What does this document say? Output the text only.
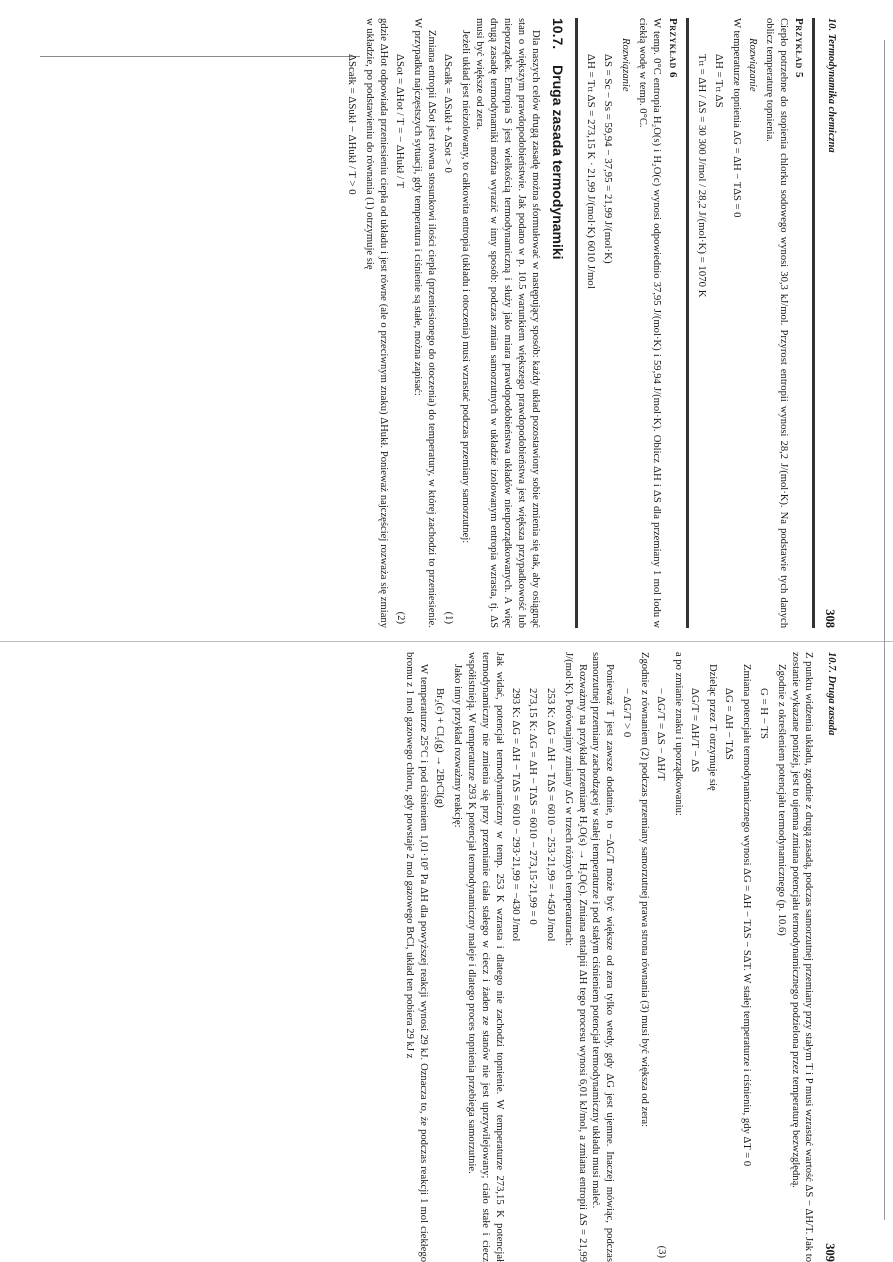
10. Termodynamika chemiczna
308
Przykład 5

Ciepło potrzebne do stopienia chlorku sodowego wynosi 30,3 kJ/mol. Przyrost entropii wynosi 28,2 J/(mol·K). Na podstawie tych danych oblicz temperaturę topnienia.

Rozwiązanie

W temperaturze topnienia ΔG = ΔH − TΔS = 0

ΔH = Tₜₜ ΔS
Tₜₜ = ΔH / ΔS = 30 300 J/mol / 28,2 J/(mol·K) = 1070 K
Przykład 6

W temp. 0°C entropia H₂O(s) i H₂O(c) wynosi odpowiednio 37,95 J/(mol·K) i 59,94 J/(mol·K). Oblicz ΔH i ΔS dla przemiany 1 mol lodu w ciekłą wodę w temp. 0°C.

Rozwiązanie
ΔS = Sc − Ss = 59,94 − 37,95 = 21,99 J/(mol·K)
ΔH = Tₜₜ ΔS = 273,15 K · 21,99 J/(mol·K) 6010 J/mol
10.7. Druga zasada termodynamiki

Dla naszych celów drugą zasadę można sformułować w następujący sposób: każdy układ pozostawiony sobie zmienia się tak, aby osiągnąć stan o większym prawdopodobieństwie. Jak podano w p. 10.5 warunkiem większego prawdopodobieństwa jest większa przypadkowość lub nieporządek. Entropia S jest wielkością termodynamiczną i służy jako miara prawdopodobieństwa układów nieuporządkowanych. A więc drugą zasadę termodynamiki można wyrazić w inny sposób: podczas zmian samorzutnych w układzie izolowanym entropia wzrasta, tj. ΔS musi być większe od zera.

Jeżeli układ jest nieizolowany, to całkowita entropia (układu i otoczenia) musi wzrastać podczas przemiany samorzutnej:

ΔScałk = ΔSukł + ΔSot > 0
(1)

Zmiana entropii ΔSot jest równa stosunkowi ilości ciepła (przeniesionego do otoczenia) do temperatury, w której zachodzi to przeniesienie. W przypadku najczęstszych sytuacji, gdy temperatura i ciśnienie są stałe, można zapisać:

ΔSot = ΔHot / T = − ΔHukł / T
(2)

gdzie ΔHot odpowiada przeniesieniu ciepła od układu i jest równe (ale o przeciwnym znaku) ΔHukł. Ponieważ najczęściej rozważa się zmiany w układzie, po podstawieniu do równania (1) otrzymuje się

ΔScałk = ΔSukł − ΔHukł / T > 0
10.7. Druga zasada
309

Z punktu widzenia układu, zgodnie z drugą zasadą, podczas samorzutnej przemiany przy stałym T i P musi wzrastać wartość ΔS − ΔH/T. Jak to zostanie wykazane poniżej, jest to ujemna zmiana potencjału termodynamicznego podzielona przez temperaturę bezwzględną.

Zgodnie z określeniem potencjału termodynamicznego (p. 10.6)

G = H − TS

Zmiana potencjału termodynamicznego wynosi ΔG = ΔH − TΔS − SΔT. W stałej temperaturze i ciśnieniu, gdy ΔT = 0

ΔG = ΔH − TΔS

Dzieląc przez T otrzymuje się

ΔG/T = ΔH/T − ΔS

a po zmianie znaku i uporządkowaniu:

− ΔG/T = ΔS − ΔH/T
(3)

Zgodnie z równaniem (2) podczas przemiany samorzutnej prawa strona równania (3) musi być większa od zera:

− ΔG/T > 0

Ponieważ T jest zawsze dodatnie, to −ΔG/T może być większe od zera tylko wtedy, gdy ΔG jest ujemne. Inaczej mówiąc, podczas samorzutnej przemiany zachodzącej w stałej temperaturze i pod stałym ciśnieniem potencjał termodynamiczny układu musi maleć.

Rozważmy na przykład przemianę H₂O(s) → H₂O(c). Zmiana entalpii ΔH tego procesu wynosi 6,01 kJ/mol, a zmiana entropii ΔS = 21,99 J/(mol·K). Porównajmy zmiany ΔG w trzech różnych temperaturach:

253 K: ΔG = ΔH − TΔS = 6010 − 253·21,99 = +450 J/mol
273,15 K: ΔG = ΔH − TΔS = 6010 − 273,15·21,99 = 0
293 K: ΔG = ΔH − TΔS = 6010 − 293·21,99 = −430 J/mol

Jak widać, potencjał termodynamiczny w temp. 253 K wzrasta i dlatego nie zachodzi topnienie. W temperaturze 273,15 K potencjał termodynamiczny nie zmienia się przy przemianie ciała stałego w ciecz i żaden ze stanów nie jest uprzywilejowany; ciało stałe i ciecz współistnieją. W temperaturze 293 K potencjał termodynamiczny maleje i dlatego proces topnienia przebiega samorzutnie.

Jako inny przykład rozważmy reakcję:

Br₂(c) + Cl₂(g) → 2BrCl(g)

W temperaturze 25°C i pod ciśnieniem 1,01·10⁵ Pa ΔH dla powyższej reakcji wynosi 29 kJ. Oznacza to, że podczas reakcji 1 mol ciekłego bromu z 1 mol gazowego chloru, gdy powstaje 2 mol gazowego BrCl, układ ten pobiera 29 kJ z
